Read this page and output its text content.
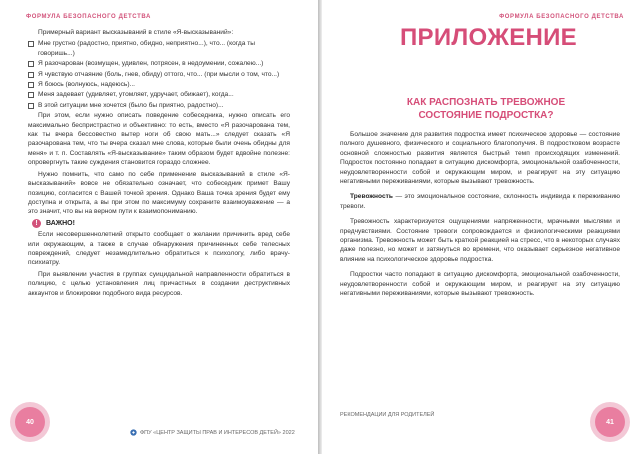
ФОРМУЛА БЕЗОПАСНОГО ДЕТСТВА

Примерный вариант высказываний в стиле «Я-высказываний»:

Мне грустно (радостно, приятно, обидно, неприятно...), что... (когда ты говоришь...)
Я разочарован (возмущен, удивлен, потрясен, в недоумении, сожалею...)
Я чувствую отчаяние (боль, гнев, обиду) оттого, что... (при мысли о том, что...)
Я боюсь (волнуюсь, надеюсь)...
Меня задевает (удивляет, утомляет, удручает, обижает), когда...
В этой ситуации мне хочется (было бы приятно, радостно)...

При этом, если нужно описать поведение собеседника, нужно описать его максимально беспристрастно и объективно: то есть, вместо «Я разочарована тем, как ты вчера бессовестно вытер ноги об свою мать...» следует сказать «Я разочарована тем, что ты вчера сказал мне слова, которые были очень обидны для меня» и т. п. Составлять «Я-высказывание» таким образом будет вдвойне полезне: опровергнуть такие суждения становится гораздо сложнее.

Нужно помнить, что само по себе применение высказываний в стиле «Я-высказываний» вовсе не обязательно означает, что собеседник примет Вашу позицию, согласится с Вашей точкой зрения. Однако Ваша точка зрения будет ему доступна и открыта, а вы при этом по максимуму сохраните взаимоуважение — а это значит, что вы на верном пути к взаимопониманию.

!	ВАЖНО!

Если несовершеннолетний открыто сообщает о желании причинить вред себе или окружающим, а также в случае обнаружения причиненных себе телесных повреждений, следует незамедлительно обратиться к психологу, либо врачу-психиатру.

При выявлении участия в группах суицидальной направленности обратиться в полицию, с целью установления лиц причастных в создании деструктивных аккаунтов и блокировки подобного вида ресурсов.

ФПУ «ЦЕНТР ЗАЩИТЫ ПРАВ И ИНТЕРЕСОВ ДЕТЕЙ» 2022
40
ФОРМУЛА БЕЗОПАСНОГО ДЕТСТВА
ПРИЛОЖЕНИЕ
КАК РАСПОЗНАТЬ ТРЕВОЖНОЕ СОСТОЯНИЕ ПОДРОСТКА?

Большое значение для развития подростка имеет психическое здоровье — состояние полного душевного, физического и социального благополучия. В подростковом возрасте основной сложностью развития является быстрый темп происходящих изменений. Подросток постоянно попадает в ситуацию дискомфорта, эмоциональной озабоченности, неудовлетворенности собой и окружающим миром, и реагирует на эту ситуацию негативными переживаниями, которые вызывают тревожность.

Тревожность — это эмоциональное состояние, склонность индивида к переживанию тревоги.

Тревожность характеризуется ощущениями напряженности, мрачными мыслями и предчувствиями. Состояние тревоги сопровождается и физиологическими реакциями организма. Тревожность может быть краткой реакцией на стресс, что в некоторых случаях даже полезно, но может и затянуться во времени, что оказывает серьезное негативное влияние на психологическое здоровье подростка.

Подростки часто попадают в ситуацию дискомфорта, эмоциональной озабоченности, неудовлетворенности собой и окружающим миром, и реагирует на эту ситуацию негативными переживаниями, которые вызывают тревожность.

РЕКОМЕНДАЦИИ ДЛЯ РОДИТЕЛЕЙ
41
